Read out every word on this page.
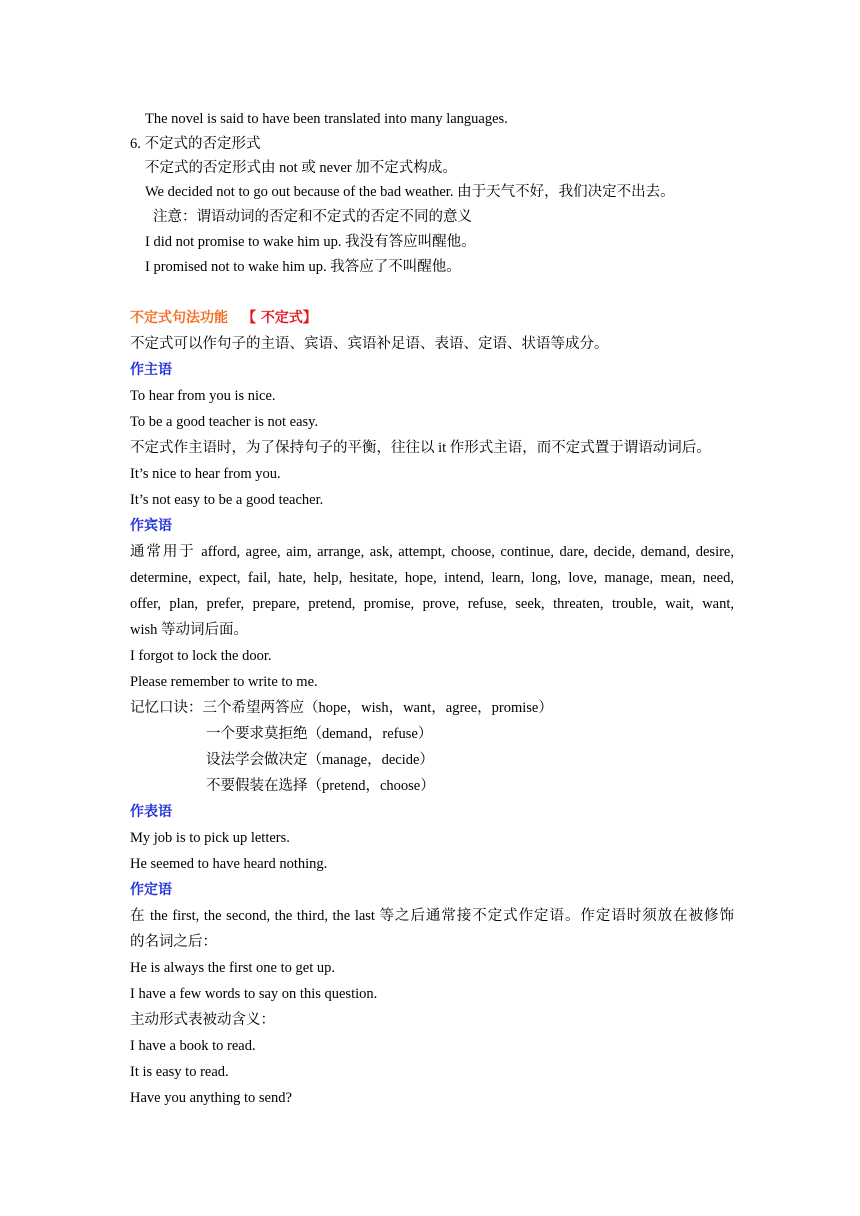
The novel is said to have been translated into many languages.
6. 不定式的否定形式
不定式的否定形式由 not 或 never 加不定式构成。
We decided not to go out because of the bad weather. 由于天气不好，我们决定不出去。
注意：谓语动词的否定和不定式的否定不同的意义
I did not promise to wake him up. 我没有答应叫醒他。
I promised not to wake him up. 我答应了不叫醒他。
不定式句法功能 【 不定式】
不定式可以作句子的主语、宾语、宾语补足语、表语、定语、状语等成分。
作主语
To hear from you is nice.
To be a good teacher is not easy.
不定式作主语时，为了保持句子的平衡，往往以 it 作形式主语，而不定式置于谓语动词后。
It’s nice to hear from you.
It’s not easy to be a good teacher.
作宾语
通常用于 afford, agree, aim, arrange, ask, attempt, choose, continue, dare, decide, demand, desire,
determine, expect, fail, hate, help, hesitate, hope, intend, learn, long, love, manage, mean, need,
offer, plan, prefer, prepare, pretend, promise, prove, refuse, seek, threaten, trouble, wait, want,
wish 等动词后面。
I forgot to lock the door.
Please remember to write to me.
记忆口诀：三个希望两答应（hope，wish，want，agree，promise）
一个要求莫拒绝（demand，refuse）
设法学会做决定（manage，decide）
不要假装在选择（pretend，choose）
作表语
My job is to pick up letters.
He seemed to have heard nothing.
作定语
在 the first, the second, the third, the last 等之后通常接不定式作定语。作定语时须放在被修饰
的名词之后：
He is always the first one to get up.
I have a few words to say on this question.
主动形式表被动含义：
I have a book to read.
It is easy to read.
Have you anything to send?
